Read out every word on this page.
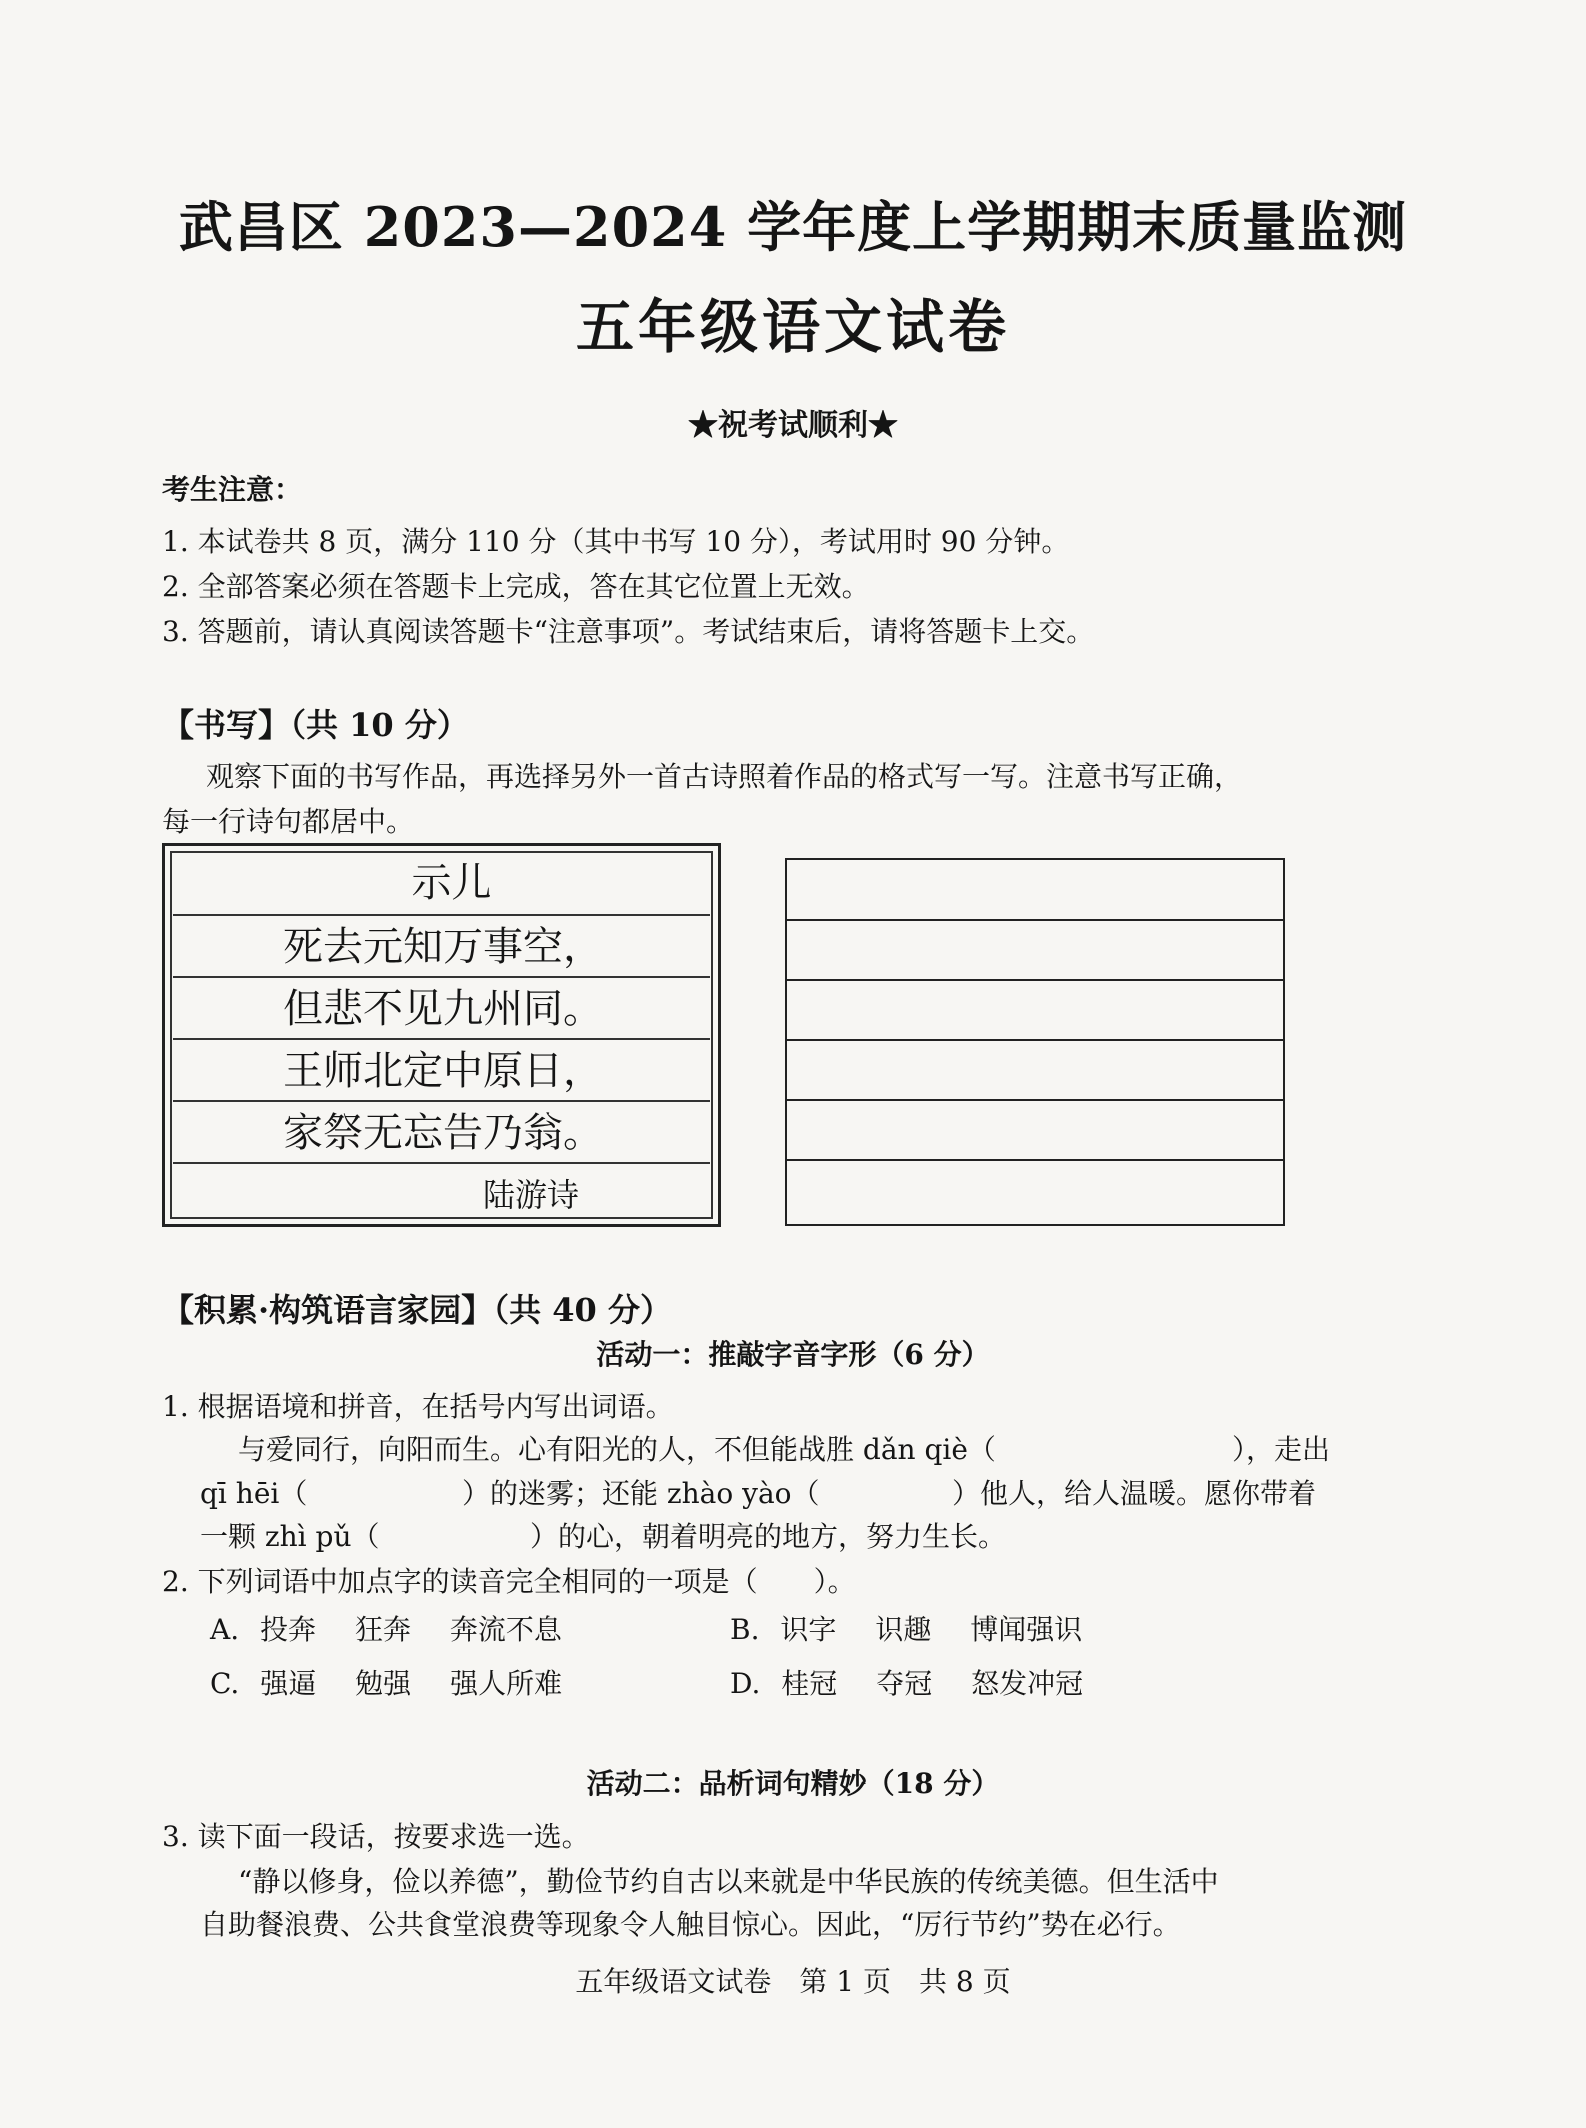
武昌区 2023—2024 学年度上学期期末质量监测
五年级语文试卷
★祝考试顺利★
考生注意：
1. 本试卷共 8 页，满分 110 分（其中书写 10 分），考试用时 90 分钟。
2. 全部答案必须在答题卡上完成，答在其它位置上无效。
3. 答题前，请认真阅读答题卡“注意事项”。考试结束后，请将答题卡上交。
【书写】（共 10 分）
观察下面的书写作品，再选择另外一首古诗照着作品的格式写一写。注意书写正确，
每一行诗句都居中。
示儿
死去元知万事空，
但悲不见九州同。
王师北定中原日，
家祭无忘告乃翁。
陆游诗
【积累·构筑语言家园】（共 40 分）
活动一：推敲字音字形（6 分）
1. 根据语境和拼音，在括号内写出词语。
与爱同行，向阳而生。心有阳光的人，不但能战胜 dǎn qiè（	），走出
qī hēi（	）的迷雾；还能 zhào yào（	）他人，给人温暖。愿你带着
一颗 zhì pǔ（	）的心，朝着明亮的地方，努力生长。
2. 下列词语中加点字的读音完全相同的一项是（　　）。
A. 投奔 狂奔 奔流不息	B. 识字 识趣 博闻强识
C. 强逼 勉强 强人所难	D. 桂冠 夺冠 怒发冲冠
活动二：品析词句精妙（18 分）
3. 读下面一段话，按要求选一选。
“静以修身，俭以养德”，勤俭节约自古以来就是中华民族的传统美德。但生活中
自助餐浪费、公共食堂浪费等现象令人触目惊心。因此，“厉行节约”势在必行。
五年级语文试卷　第 1 页　共 8 页
